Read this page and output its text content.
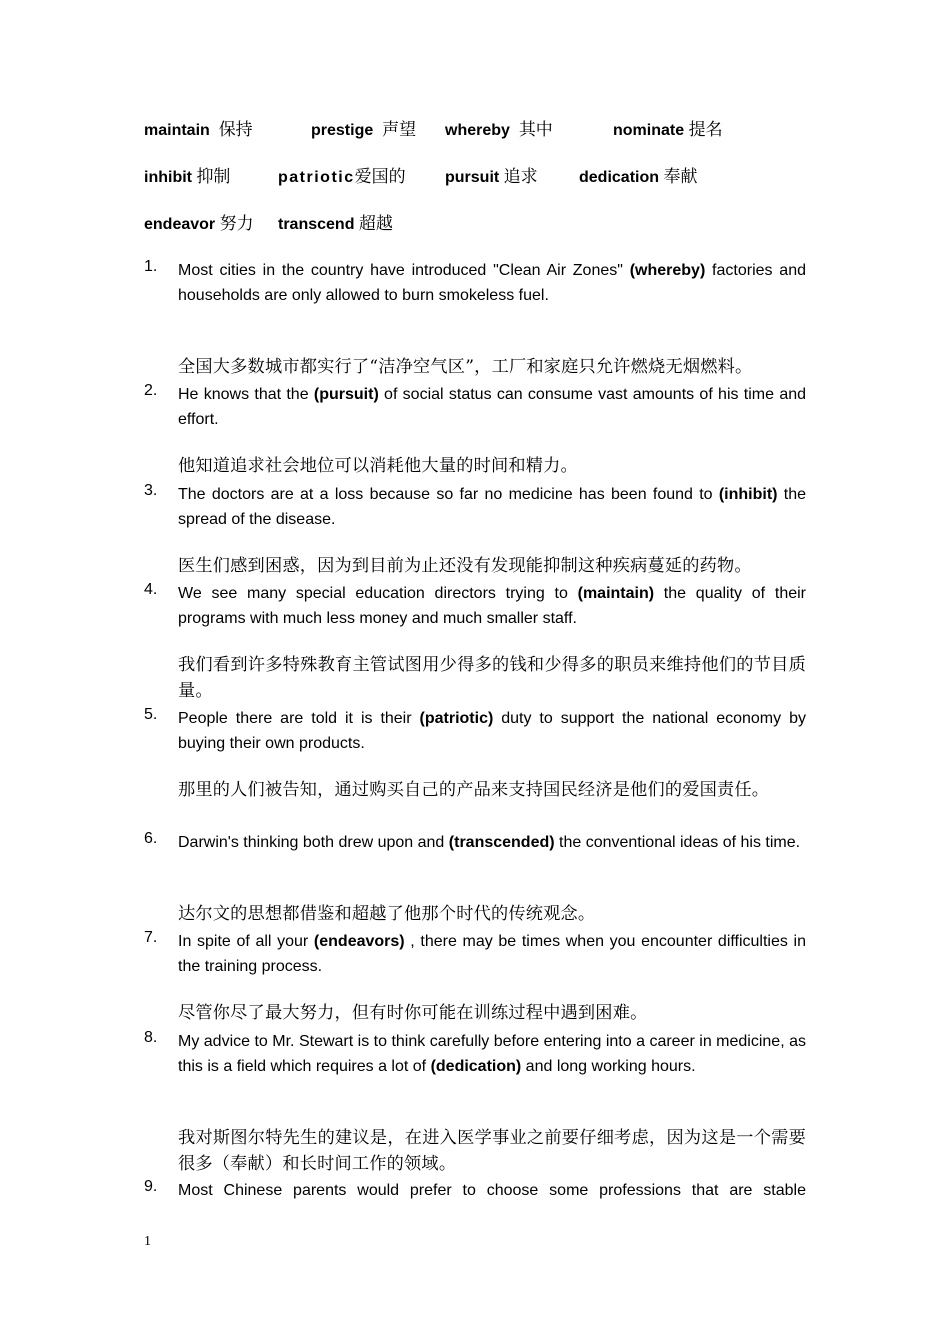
maintain 保持	prestige 声望 whereby 其中	nominate 提名
inhibit 抑制	patriotic爱国的 pursuit 追求	dedication 奉献
endeavor 努力 transcend 超越
1. Most cities in the country have introduced "Clean Air Zones" (whereby) factories and households are only allowed to burn smokeless fuel.
全国大多数城市都实行了“洁净空气区”，工厂和家庭只允许燃烧无烟燃料。
2. He knows that the (pursuit) of social status can consume vast amounts of his time and effort.
他知道追求社会地位可以消耗他大量的时间和精力。
3. The doctors are at a loss because so far no medicine has been found to (inhibit) the spread of the disease.
医生们感到困惑，因为到目前为止还没有发现能抑制这种疾病蔓延的药物。
4. We see many special education directors trying to (maintain) the quality of their programs with much less money and much smaller staff.
我们看到许多特殊教育主管试图用少得多的钱和少得多的职员来维持他们的节目质量。
5. People there are told it is their (patriotic) duty to support the national economy by buying their own products.
那里的人们被告知，通过购买自己的产品来支持国民经济是他们的爱国责任。
6. Darwin's thinking both drew upon and (transcended) the conventional ideas of his time.
达尔文的思想都借鉴和超越了他那个时代的传统观念。
7. In spite of all your (endeavors) , there may be times when you encounter difficulties in the training process.
尽管你尽了最大努力，但有时你可能在训练过程中遇到困难。
8. My advice to Mr. Stewart is to think carefully before entering into a career in medicine, as this is a field which requires a lot of (dedication) and long working hours.
我对斯图尔特先生的建议是，在进入医学事业之前要仔细考虑，因为这是一个需要很多（奉献）和长时间工作的领域。
9. Most Chinese parents would prefer to choose some professions that are stable
1
